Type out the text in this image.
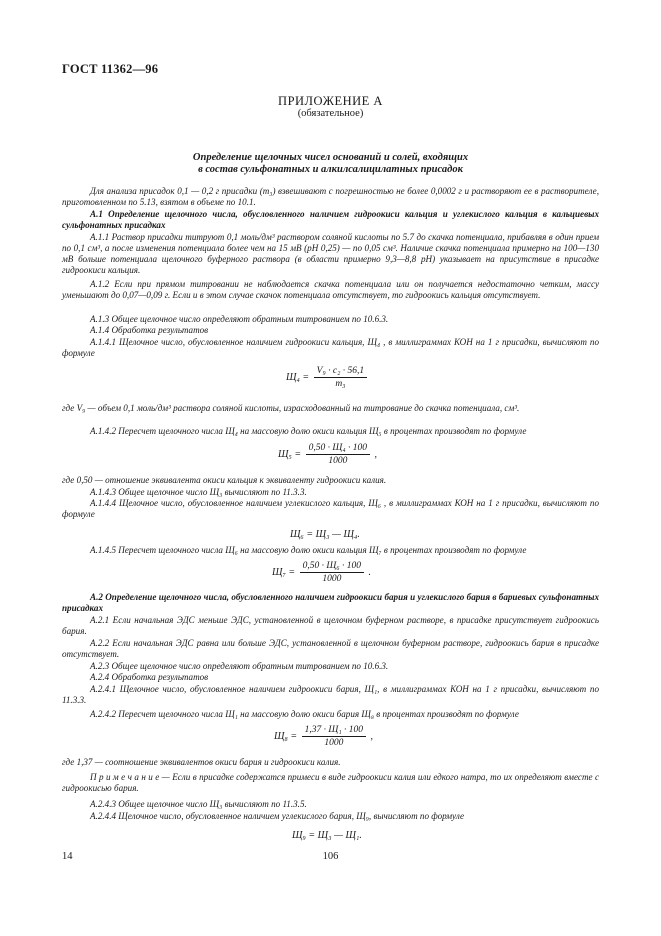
ГОСТ 11362—96
ПРИЛОЖЕНИЕ А
(обязательное)
Определение щелочных чисел оснований и солей, входящих
в состав сульфонатных и алкилсалицилатных присадок
Для анализа присадок 0,1 — 0,2 г присадки (m₃) взвешивают с погрешностью не более 0,0002 г и растворяют ее в растворителе, приготовленном по 5.13, взятом в объеме по 10.1.
А.1 Определение щелочного числа, обусловленного наличием гидроокиси кальция и углекислого кальция в кальциевых сульфонатных присадках
А.1.1 Раствор присадки титруют 0,1 моль/дм³ раствором соляной кислоты по 5.7 до скачка потенциала, прибавляя в один прием по 0,1 см³, а после изменения потенциала более чем на 15 мВ (рН 0,25) — по 0,05 см³. Наличие скачка потенциала примерно на 100—130 мВ больше потенциала щелочного буферного раствора (в области примерно 9,3—8,8 рН) указывает на присутствие в присадке гидроокиси кальция.
А.1.2 Если при прямом титровании не наблюдается скачка потенциала или он получается недостаточно четким, массу уменьшают до 0,07—0,09 г. Если и в этом случае скачок потенциала отсутствует, то гидроокись кальция отсутствует.
А.1.3 Общее щелочное число определяют обратным титрованием по 10.6.3.
А.1.4 Обработка результатов
А.1.4.1 Щелочное число, обусловленное наличием гидроокиси кальция, Щ₄ , в миллиграммах КОН на 1 г присадки, вычисляют по формуле
$Щ_4 = \frac{\text{V₉ · c₂ · 56,1}}{\text{m₃}}$
где V₉ — объем 0,1 моль/дм³ раствора соляной кислоты, израсходованный на титрование до скачка потенциала, см³.
А.1.4.2 Пересчет щелочного числа Щ₄ на массовую долю окиси кальция Щ₅ в процентах производят по формуле
$Щ_5 = \frac{\text{0,50 · Щ₄ · 100}}{1000}$ ,
где 0,50 — отношение эквивалента окиси кальция к эквиваленту гидроокиси калия.
А.1.4.3 Общее щелочное число Щ₃ вычисляют по 11.3.3.
А.1.4.4 Щелочное число, обусловленное наличием углекислого кальция, Щ₆ , в миллиграммах КОН на 1 г присадки, вычисляют по формуле
Щ₆ = Щ₃ — Щ₄.
А.1.4.5 Пересчет щелочного числа Щ₆ на массовую долю окиси кальция Щ₇ в процентах производят по формуле
$Щ_7 = \frac{\text{0,50 · Щ₆ · 100}}{1000}$ .
А.2 Определение щелочного числа, обусловленного наличием гидроокиси бария и углекислого бария в бариевых сульфонатных присадках
А.2.1 Если начальная ЭДС меньше ЭДС, установленной в щелочном буферном растворе, в присадке присутствует гидроокись бария.
А.2.2 Если начальная ЭДС равна или больше ЭДС, установленной в щелочном буферном растворе, гидроокись бария в присадке отсутствует.
А.2.3 Общее щелочное число определяют обратным титрованием по 10.6.3.
А.2.4 Обработка результатов
А.2.4.1 Щелочное число, обусловленное наличием гидроокиси бария, Щ₁, в миллиграммах КОН на 1 г присадки, вычисляют по 11.3.3.
А.2.4.2 Пересчет щелочного числа Щ₁ на массовую долю окиси бария Щ₈ в процентах производят по формуле
$Щ_8 = \frac{\text{1,37 · Щ₁ · 100}}{1000}$ ,
где 1,37 — соотношение эквивалентов окиси бария и гидроокиси калия.
П р и м е ч а н и е — Если в присадке содержатся примеси в виде гидроокиси калия или едкого натра, то их определяют вместе с гидроокисью бария.
А.2.4.3 Общее щелочное число Щ₃ вычисляют по 11.3.5.
А.2.4.4 Щелочное число, обусловленное наличием углекислого бария, Щ₉, вычисляют по формуле
Щ₉ = Щ₃ — Щ₁.
14	106
